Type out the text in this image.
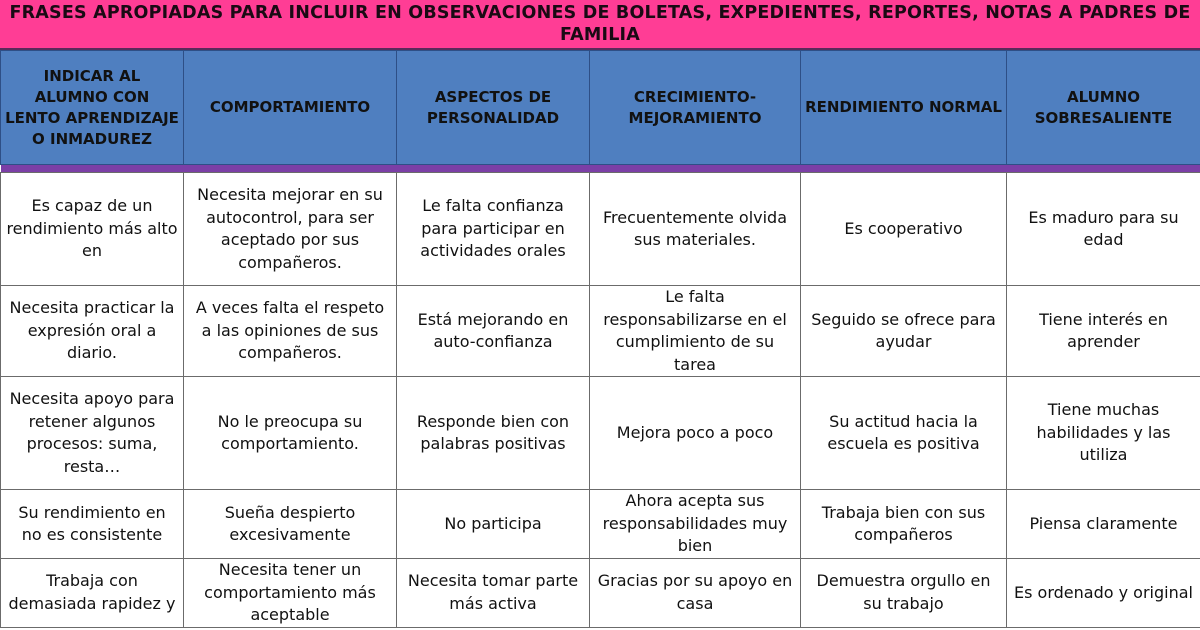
FRASES APROPIADAS PARA INCLUIR EN OBSERVACIONES DE BOLETAS, EXPEDIENTES, REPORTES, NOTAS A PADRES DE FAMILIA
INDICAR AL ALUMNO CON LENTO APRENDIZAJE O INMADUREZ	COMPORTAMIENTO	ASPECTOS DE PERSONALIDAD	CRECIMIENTO-MEJORAMIENTO	RENDIMIENTO NORMAL	ALUMNO SOBRESALIENTE

Es capaz de un rendimiento más alto en	Necesita mejorar en su autocontrol, para ser aceptado por sus compañeros.	Le falta confianza para participar en actividades orales	Frecuentemente olvida sus materiales.	Es cooperativo	Es maduro para su edad
Necesita practicar la expresión oral a diario.	A veces falta el respeto a las opiniones de sus compañeros.	Está mejorando en auto-confianza	Le falta responsabilizarse en el cumplimiento de su tarea	Seguido se ofrece para ayudar	Tiene interés en aprender
Necesita apoyo para retener algunos procesos: suma, resta…	No le preocupa su comportamiento.	Responde bien con palabras positivas	Mejora poco a poco	Su actitud hacia la escuela es positiva	Tiene muchas habilidades y las utiliza
Su rendimiento en no es consistente	Sueña despierto excesivamente	No participa	Ahora acepta sus responsabilidades muy bien	Trabaja bien con sus compañeros	Piensa claramente
Trabaja con demasiada rapidez y	Necesita tener un comportamiento más aceptable	Necesita tomar parte más activa	Gracias por su apoyo en casa	Demuestra orgullo en su trabajo	Es ordenado y original
